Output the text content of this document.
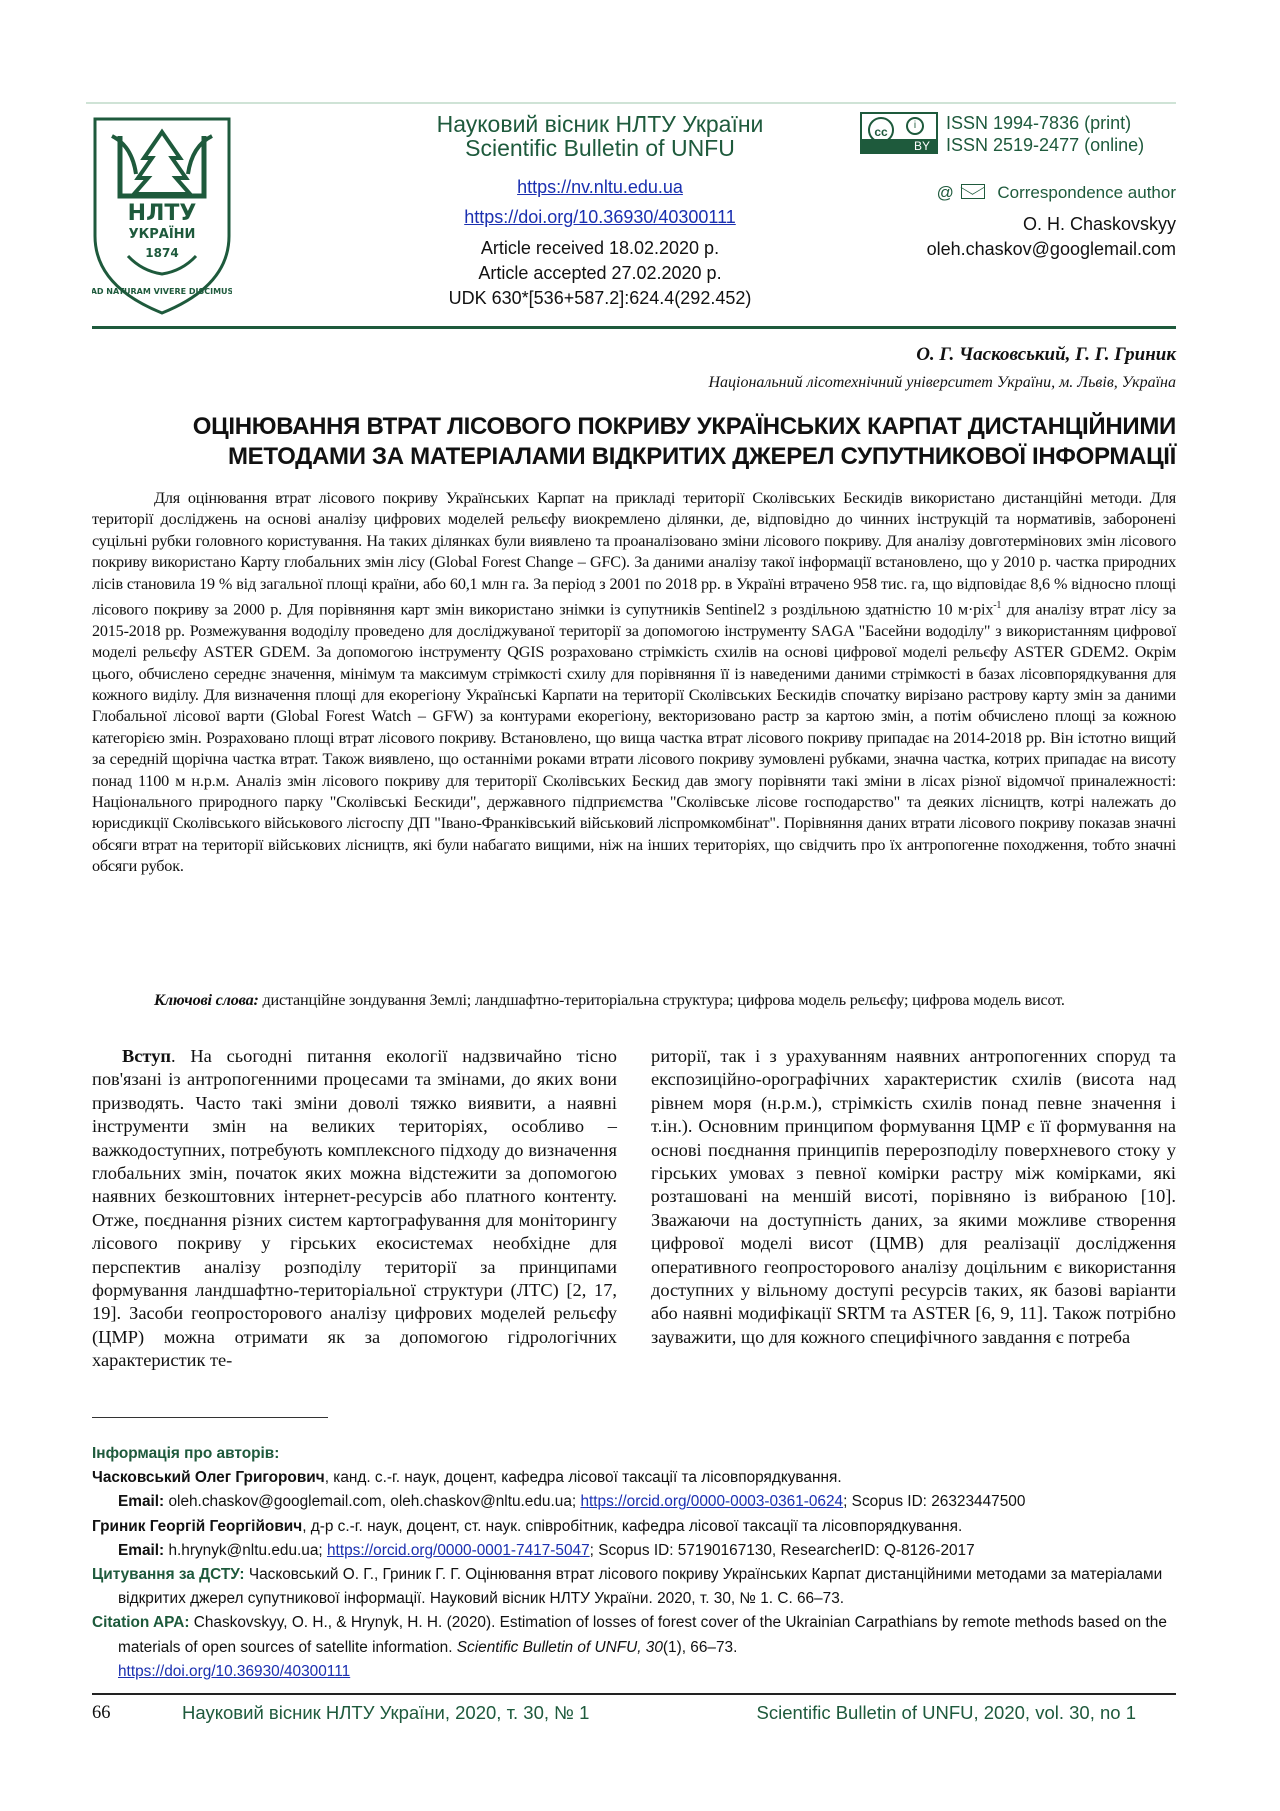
НЛТУ
УКРАЇНИ
1874
AD NATURAM VIVERE DISCIMUS
Науковий вісник НЛТУ України
Scientific Bulletin of UNFU
https://nv.nltu.edu.ua
https://doi.org/10.36930/40300111
Article received 18.02.2020 р.
Article accepted 27.02.2020 р.
UDK 630*[536+587.2]:624.4(292.452)
cc	i
BY
ISSN 1994-7836 (print)
ISSN 2519-2477 (online)
@	Correspondence author
O. H. Chaskovskyy
oleh.chaskov@googlemail.com
О. Г. Часковський, Г. Г. Гриник
Національний лісотехнічний університет України, м. Львів, Україна
ОЦІНЮВАННЯ ВТРАТ ЛІСОВОГО ПОКРИВУ УКРАЇНСЬКИХ КАРПАТ ДИСТАНЦІЙНИМИ МЕТОДАМИ ЗА МАТЕРІАЛАМИ ВІДКРИТИХ ДЖЕРЕЛ СУПУТНИКОВОЇ ІНФОРМАЦІЇ
Для оцінювання втрат лісового покриву Українських Карпат на прикладі території Сколівських Бескидів використано дистанційні методи. Для території досліджень на основі аналізу цифрових моделей рельєфу виокремлено ділянки, де, відповідно до чинних інструкцій та нормативів, заборонені суцільні рубки головного користування. На таких ділянках були виявлено та проаналізовано зміни лісового покриву. Для аналізу довготермінових змін лісового покриву використано Карту глобальних змін лісу (Global Forest Change – GFC). За даними аналізу такої інформації встановлено, що у 2010 р. частка природних лісів становила 19 % від загальної площі країни, або 60,1 млн га. За період з 2001 по 2018 рр. в Україні втрачено 958 тис. га, що відповідає 8,6 % відносно площі лісового покриву за 2000 р. Для порівняння карт змін використано знімки із супутників Sentinel2 з роздільною здатністю 10 м·ріх$^{-1}$ для аналізу втрат лісу за 2015-2018 рр. Розмежування вододілу проведено для досліджуваної території за допомогою інструменту SAGA "Басейни вододілу" з використанням цифрової моделі рельєфу ASTER GDEM. За допомогою інструменту QGIS розраховано стрімкість схилів на основі цифрової моделі рельєфу ASTER GDEM2. Окрім цього, обчислено середнє значення, мінімум та максимум стрімкості схилу для порівняння її із наведеними даними стрімкості в базах лісовпорядкування для кожного виділу. Для визначення площі для екорегіону Українські Карпати на території Сколівських Бескидів спочатку вирізано растрову карту змін за даними Глобальної лісової варти (Global Forest Watch – GFW) за контурами екорегіону, векторизовано растр за картою змін, а потім обчислено площі за кожною категорією змін. Розраховано площі втрат лісового покриву. Встановлено, що вища частка втрат лісового покриву припадає на 2014-2018 рр. Він істотно вищий за середній щорічна частка втрат. Також виявлено, що останніми роками втрати лісового покриву зумовлені рубками, значна частка, котрих припадає на висоту понад 1100 м н.р.м. Аналіз змін лісового покриву для території Сколівських Бескид дав змогу порівняти такі зміни в лісах різної відомчої приналежності: Національного природного парку "Сколівські Бескиди", державного підприємства "Сколівське лісове господарство" та деяких лісництв, котрі належать до юрисдикції Сколівського військового лісгоспу ДП "Івано-Франківський військовий ліспромкомбінат". Порівняння даних втрати лісового покриву показав значні обсяги втрат на території військових лісництв, які були набагато вищими, ніж на інших територіях, що свідчить про їх антропогенне походження, тобто значні обсяги рубок.
Ключові слова: дистанційне зондування Землі; ландшафтно-територіальна структура; цифрова модель рельєфу; цифрова модель висот.
Вступ. На сьогодні питання екології надзвичайно тісно пов'язані із антропогенними процесами та змінами, до яких вони призводять. Часто такі зміни доволі тяжко виявити, а наявні інструменти змін на великих територіях, особливо – важкодоступних, потребують комплексного підходу до визначення глобальних змін, початок яких можна відстежити за допомогою наявних безкоштовних інтернет-ресурсів або платного контенту. Отже, поєднання різних систем картографування для моніторингу лісового покриву у гірських екосистемах необхідне для перспектив аналізу розподілу території за принципами формування ландшафтно-територіальної структури (ЛТС) [2, 17, 19]. Засоби геопросторового аналізу цифрових моделей рельєфу (ЦМР) можна отримати як за допомогою гідрологічних характеристик те-
риторії, так і з урахуванням наявних антропогенних споруд та експозиційно-орографічних характеристик схилів (висота над рівнем моря (н.р.м.), стрімкість схилів понад певне значення і т.ін.). Основним принципом формування ЦМР є її формування на основі поєднання принципів перерозподілу поверхневого стоку у гірських умовах з певної комірки растру між комірками, які розташовані на меншій висоті, порівняно із вибраною [10]. Зважаючи на доступність даних, за якими можливе створення цифрової моделі висот (ЦМВ) для реалізації дослідження оперативного геопросторового аналізу доцільним є використання доступних у вільному доступі ресурсів таких, як базові варіанти або наявні модифікації SRTM та ASTER [6, 9, 11]. Також потрібно зауважити, що для кожного специфічного завдання є потреба
Інформація про авторів:
Часковський Олег Григорович, канд. с.-г. наук, доцент, кафедра лісової таксації та лісовпорядкування.
Email: oleh.chaskov@googlemail.com, oleh.chaskov@nltu.edu.ua; https://orcid.org/0000-0003-0361-0624; Scopus ID: 26323447500
Гриник Георгій Георгійович, д-р с.-г. наук, доцент, ст. наук. співробітник, кафедра лісової таксації та лісовпорядкування.
Email: h.hrynyk@nltu.edu.ua; https://orcid.org/0000-0001-7417-5047; Scopus ID: 57190167130, ResearcherID: Q-8126-2017
Цитування за ДСТУ: Часковський О. Г., Гриник Г. Г. Оцінювання втрат лісового покриву Українських Карпат дистанційними методами за матеріалами відкритих джерел супутникової інформації. Науковий вісник НЛТУ України. 2020, т. 30, № 1. С. 66–73.
Citation APA: Chaskovskyy, O. H., & Hrynyk, H. H. (2020). Estimation of losses of forest cover of the Ukrainian Carpathians by remote methods based on the materials of open sources of satellite information. Scientific Bulletin of UNFU, 30(1), 66–73.
https://doi.org/10.36930/40300111
66	Науковий вісник НЛТУ України, 2020, т. 30, № 1	Scientific Bulletin of UNFU, 2020, vol. 30, no 1
